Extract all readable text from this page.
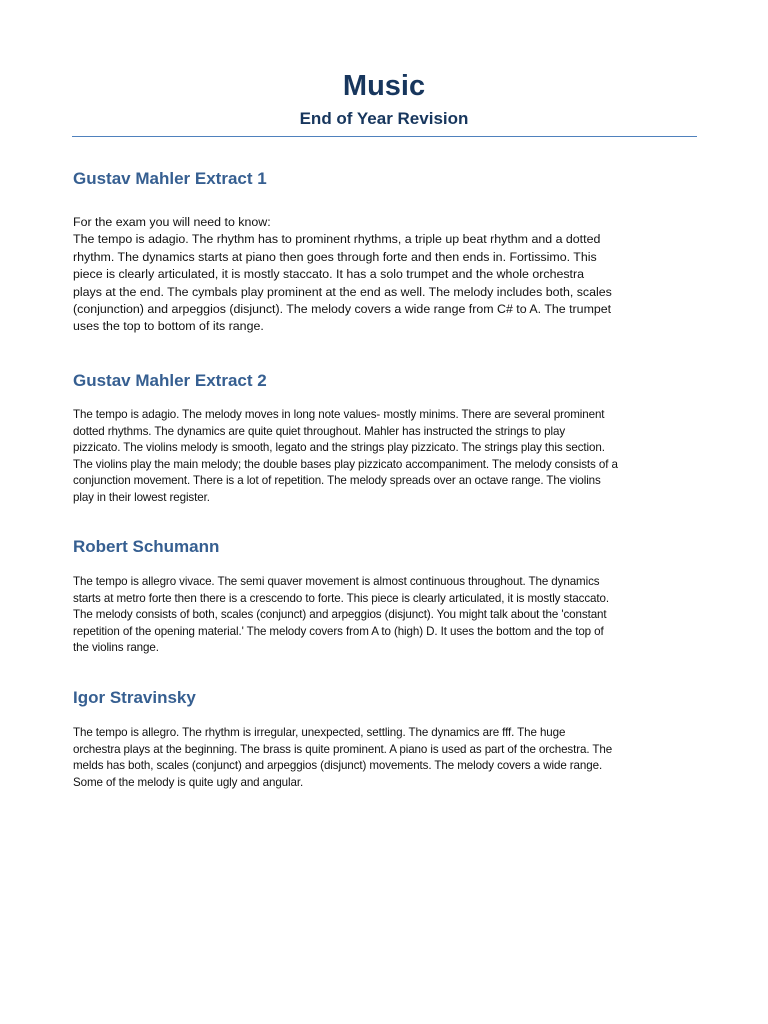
Music
End of Year Revision
Gustav Mahler Extract 1
For the exam you will need to know:
The tempo is adagio. The rhythm has to prominent rhythms, a triple up beat rhythm and a dotted
rhythm. The dynamics starts at piano then goes through forte and then ends in. Fortissimo. This
piece is clearly articulated, it is mostly staccato. It has a solo trumpet and the whole orchestra
plays at the end. The cymbals play prominent at the end as well. The melody includes both, scales
(conjunction) and arpeggios (disjunct). The melody covers a wide range from C# to A. The trumpet
uses the top to bottom of its range.
Gustav Mahler Extract 2
The tempo is adagio. The melody moves in long note values- mostly minims. There are several prominent
dotted rhythms. The dynamics are quite quiet throughout. Mahler has instructed the strings to play
pizzicato. The violins melody is smooth, legato and the strings play pizzicato. The strings play this section.
The violins play the main melody; the double bases play pizzicato accompaniment. The melody consists of a
conjunction movement. There is a lot of repetition. The melody spreads over an octave range. The violins
play in their lowest register.
Robert Schumann
The tempo is allegro vivace. The semi quaver movement is almost continuous throughout. The dynamics
starts at metro forte then there is a crescendo to forte. This piece is clearly articulated, it is mostly staccato.
The melody consists of both, scales (conjunct) and arpeggios (disjunct). You might talk about the 'constant
repetition of the opening material.' The melody covers from A to (high) D. It uses the bottom and the top of
the violins range.
Igor Stravinsky
The tempo is allegro. The rhythm is irregular, unexpected, settling. The dynamics are fff. The huge
orchestra plays at the beginning. The brass is quite prominent. A piano is used as part of the orchestra. The
melds has both, scales (conjunct) and arpeggios (disjunct) movements. The melody covers a wide range.
Some of the melody is quite ugly and angular.
